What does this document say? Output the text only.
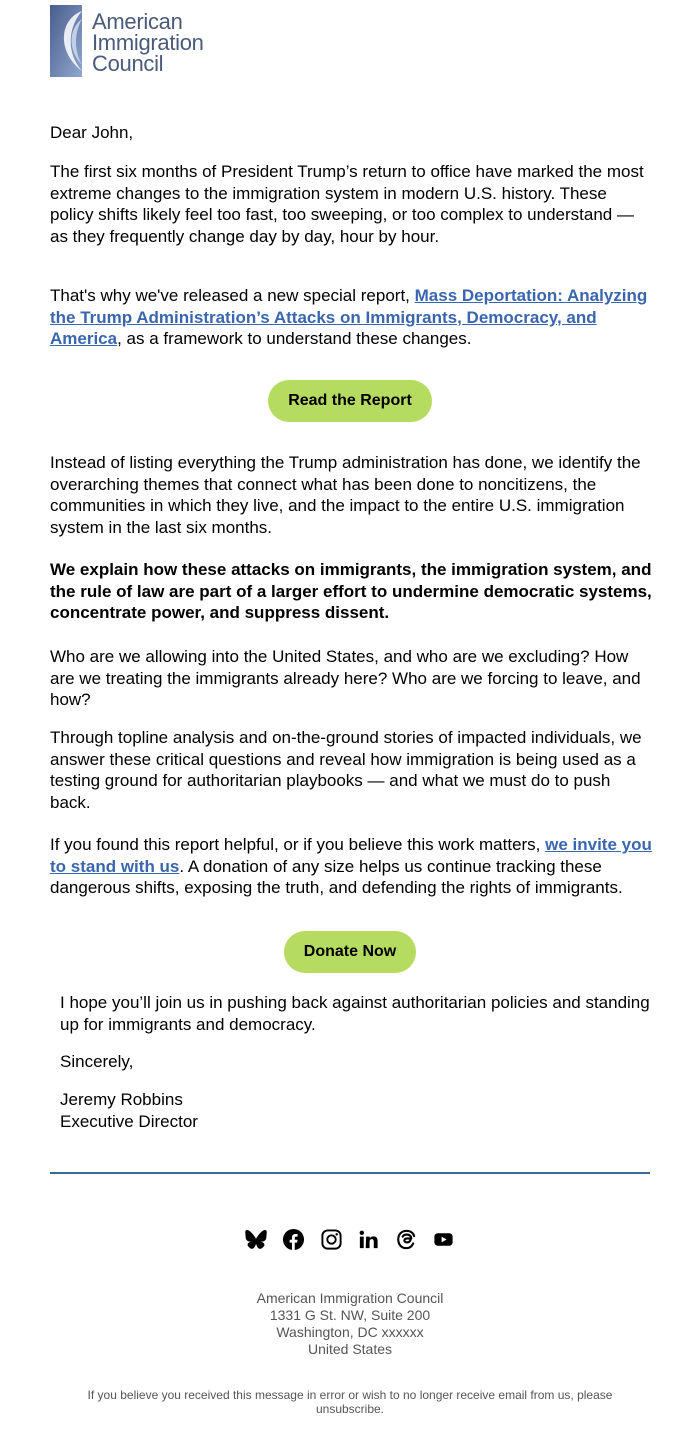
American
Immigration
Council

Dear John,

The first six months of President Trump’s return to office have marked the most extreme changes to the immigration system in modern U.S. history. These policy shifts likely feel too fast, too sweeping, or too complex to understand — as they frequently change day by day, hour by hour.

That's why we've released a new special report, Mass Deportation: Analyzing the Trump Administration’s Attacks on Immigrants, Democracy, and America, as a framework to understand these changes.

Read the Report

Instead of listing everything the Trump administration has done, we identify the overarching themes that connect what has been done to noncitizens, the communities in which they live, and the impact to the entire U.S. immigration system in the last six months.

We explain how these attacks on immigrants, the immigration system, and the rule of law are part of a larger effort to undermine democratic systems, concentrate power, and suppress dissent.

Who are we allowing into the United States, and who are we excluding? How are we treating the immigrants already here? Who are we forcing to leave, and how?

Through topline analysis and on-the-ground stories of impacted individuals, we answer these critical questions and reveal how immigration is being used as a testing ground for authoritarian playbooks — and what we must do to push back.

If you found this report helpful, or if you believe this work matters, we invite you to stand with us. A donation of any size helps us continue tracking these dangerous shifts, exposing the truth, and defending the rights of immigrants.

Donate Now

I hope you’ll join us in pushing back against authoritarian policies and standing up for immigrants and democracy.

Sincerely,

Jeremy Robbins

Executive Director

American Immigration Council
1331 G St. NW, Suite 200
Washington, DC xxxxxx
United States
If you believe you received this message in error or wish to no longer receive email from us, please unsubscribe.
